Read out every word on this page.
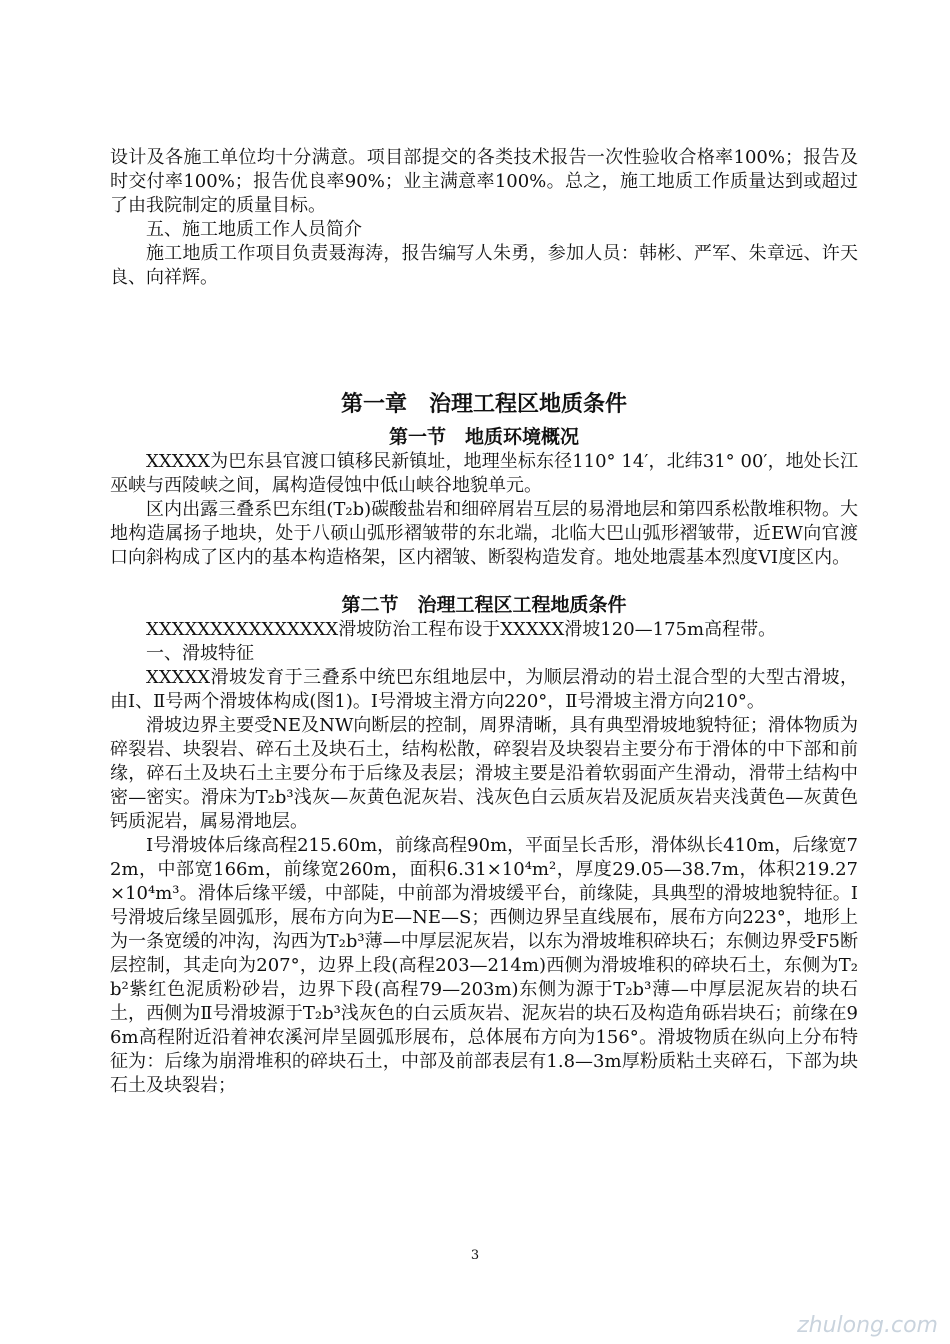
设计及各施工单位均十分满意。项目部提交的各类技术报告一次性验收合格率100%；报告及时交付率100%；报告优良率90%；业主满意率100%。总之，施工地质工作质量达到或超过了由我院制定的质量目标。

五、施工地质工作人员简介

施工地质工作项目负责聂海涛，报告编写人朱勇，参加人员：韩彬、严军、朱章远、许天良、向祥辉。

第一章　治理工程区地质条件
第一节　地质环境概况

XXXXX为巴东县官渡口镇移民新镇址，地理坐标东径110° 14′，北纬31° 00′，地处长江巫峡与西陵峡之间，属构造侵蚀中低山峡谷地貌单元。

区内出露三叠系巴东组(T₂b)碳酸盐岩和细碎屑岩互层的易滑地层和第四系松散堆积物。大地构造属扬子地块，处于八硕山弧形褶皱带的东北端，北临大巴山弧形褶皱带，近EW向官渡口向斜构成了区内的基本构造格架，区内褶皱、断裂构造发育。地处地震基本烈度VI度区内。

第二节　治理工程区工程地质条件

XXXXXXXXXXXXXXX滑坡防治工程布设于XXXXX滑坡120—175m高程带。

一、滑坡特征

XXXXX滑坡发育于三叠系中统巴东组地层中，为顺层滑动的岩土混合型的大型古滑坡，由Ⅰ、Ⅱ号两个滑坡体构成(图1)。Ⅰ号滑坡主滑方向220°，Ⅱ号滑坡主滑方向210°。

滑坡边界主要受NE及NW向断层的控制，周界清晰，具有典型滑坡地貌特征；滑体物质为碎裂岩、块裂岩、碎石土及块石土，结构松散，碎裂岩及块裂岩主要分布于滑体的中下部和前缘，碎石土及块石土主要分布于后缘及表层；滑坡主要是沿着软弱面产生滑动，滑带土结构中密—密实。滑床为T₂b³浅灰—灰黄色泥灰岩、浅灰色白云质灰岩及泥质灰岩夹浅黄色—灰黄色钙质泥岩，属易滑地层。

Ⅰ号滑坡体后缘高程215.60m，前缘高程90m，平面呈长舌形，滑体纵长410m，后缘宽72m，中部宽166m，前缘宽260m，面积6.31×10⁴m²，厚度29.05—38.7m，体积219.27×10⁴m³。滑体后缘平缓，中部陡，中前部为滑坡缓平台，前缘陡，具典型的滑坡地貌特征。Ⅰ号滑坡后缘呈圆弧形，展布方向为E—NE—S；西侧边界呈直线展布，展布方向223°，地形上为一条宽缓的冲沟，沟西为T₂b³薄—中厚层泥灰岩，以东为滑坡堆积碎块石；东侧边界受F5断层控制，其走向为207°，边界上段(高程203—214m)西侧为滑坡堆积的碎块石土，东侧为T₂b²紫红色泥质粉砂岩，边界下段(高程79—203m)东侧为源于T₂b³薄—中厚层泥灰岩的块石土，西侧为Ⅱ号滑坡源于T₂b³浅灰色的白云质灰岩、泥灰岩的块石及构造角砾岩块石；前缘在96m高程附近沿着神农溪河岸呈圆弧形展布，总体展布方向为156°。滑坡物质在纵向上分布特征为：后缘为崩滑堆积的碎块石土，中部及前部表层有1.8—3m厚粉质粘土夹碎石，下部为块石土及块裂岩；

3
zhulong.com
